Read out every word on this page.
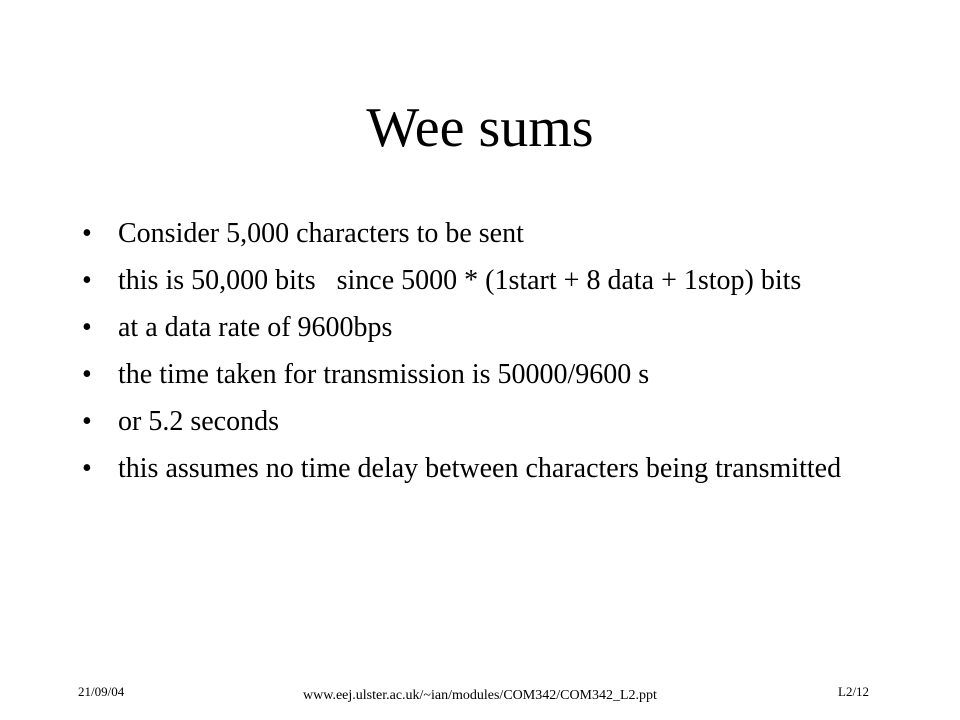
Wee sums
• Consider 5,000 characters to be sent
• this is 50,000 bits   since 5000 * (1start + 8 data + 1stop) bits
• at a data rate of 9600bps
• the time taken for transmission is 50000/9600 s
• or 5.2 seconds
• this assumes no time delay between characters being transmitted
21/09/04	www.eej.ulster.ac.uk/~ian/modules/COM342/COM342_L2.ppt	L2/12
